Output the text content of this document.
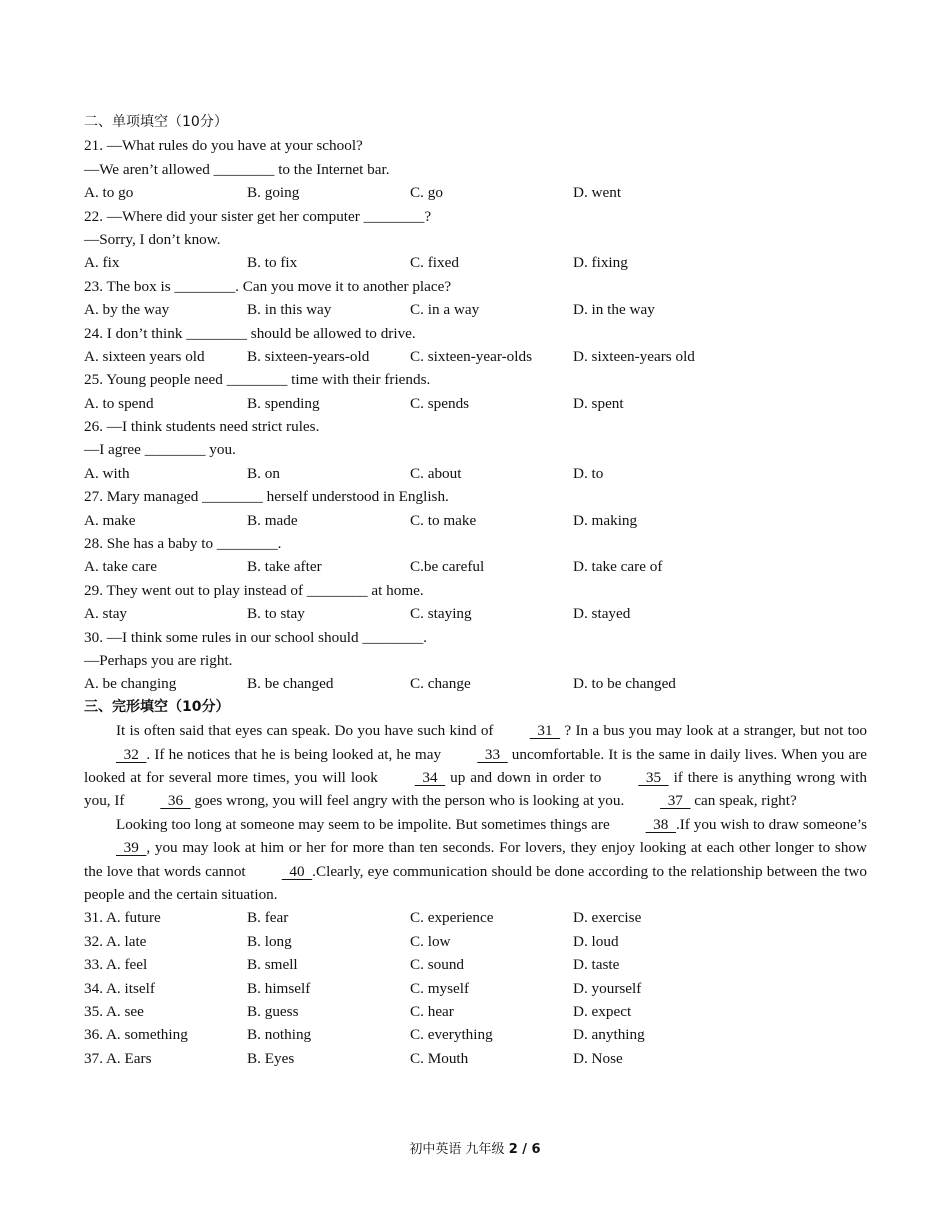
二、单项填空（10分）
21. —What rules do you have at your school?
—We aren’t allowed ________ to the Internet bar.
A. to go	B. going	C. go	D. went
22. —Where did your sister get her computer ________?
—Sorry, I don’t know.
A. fix	B. to fix	C. fixed	D. fixing
23. The box is ________. Can you move it to another place?
A. by the way	B. in this way	C. in a way	D. in the way
24. I don’t think ________ should be allowed to drive.
A. sixteen years old	B. sixteen-years-old	C. sixteen-year-olds	D. sixteen-years old
25. Young people need ________ time with their friends.
A. to spend	B. spending	C. spends	D. spent
26. —I think students need strict rules.
—I agree ________ you.
A. with	B. on	C. about	D. to
27. Mary managed ________ herself understood in English.
A. make	B. made	C. to make	D. making
28. She has a baby to ________.
A. take care	B. take after	C.be careful	D. take care of
29. They went out to play instead of ________ at home.
A. stay	B. to stay	C. staying	D. stayed
30. —I think some rules in our school should ________.
—Perhaps you are right.
A. be changing	B. be changed	C. change	D. to be changed
三、完形填空（10分）
It is often said that eyes can speak. Do you have such kind of   31   ? In a bus you may look at a stranger, but not too   32  . If he notices that he is being looked at, he may   33   uncomfortable. It is the same in daily lives. When you are looked at for several more times, you will look   34   up and down in order to   35   if there is anything wrong with you, If   36   goes wrong, you will feel angry with the person who is looking at you.   37   can speak, right?
Looking too long at someone may seem to be impolite. But sometimes things are   38  .If you wish to draw someone’s   39  , you may look at him or her for more than ten seconds. For lovers, they enjoy looking at each other longer to show the love that words cannot   40  .Clearly, eye communication should be done according to the relationship between the two people and the certain situation.
31. A. future	B. fear	C. experience	D. exercise
32. A. late	B. long	C. low	D. loud
33. A. feel	B. smell	C. sound	D. taste
34. A. itself	B. himself	C. myself	D. yourself
35. A. see	B. guess	C. hear	D. expect
36. A. something	B. nothing	C. everything	D. anything
37. A. Ears	B. Eyes	C. Mouth	D. Nose
初中英语 九年级 2 / 6
